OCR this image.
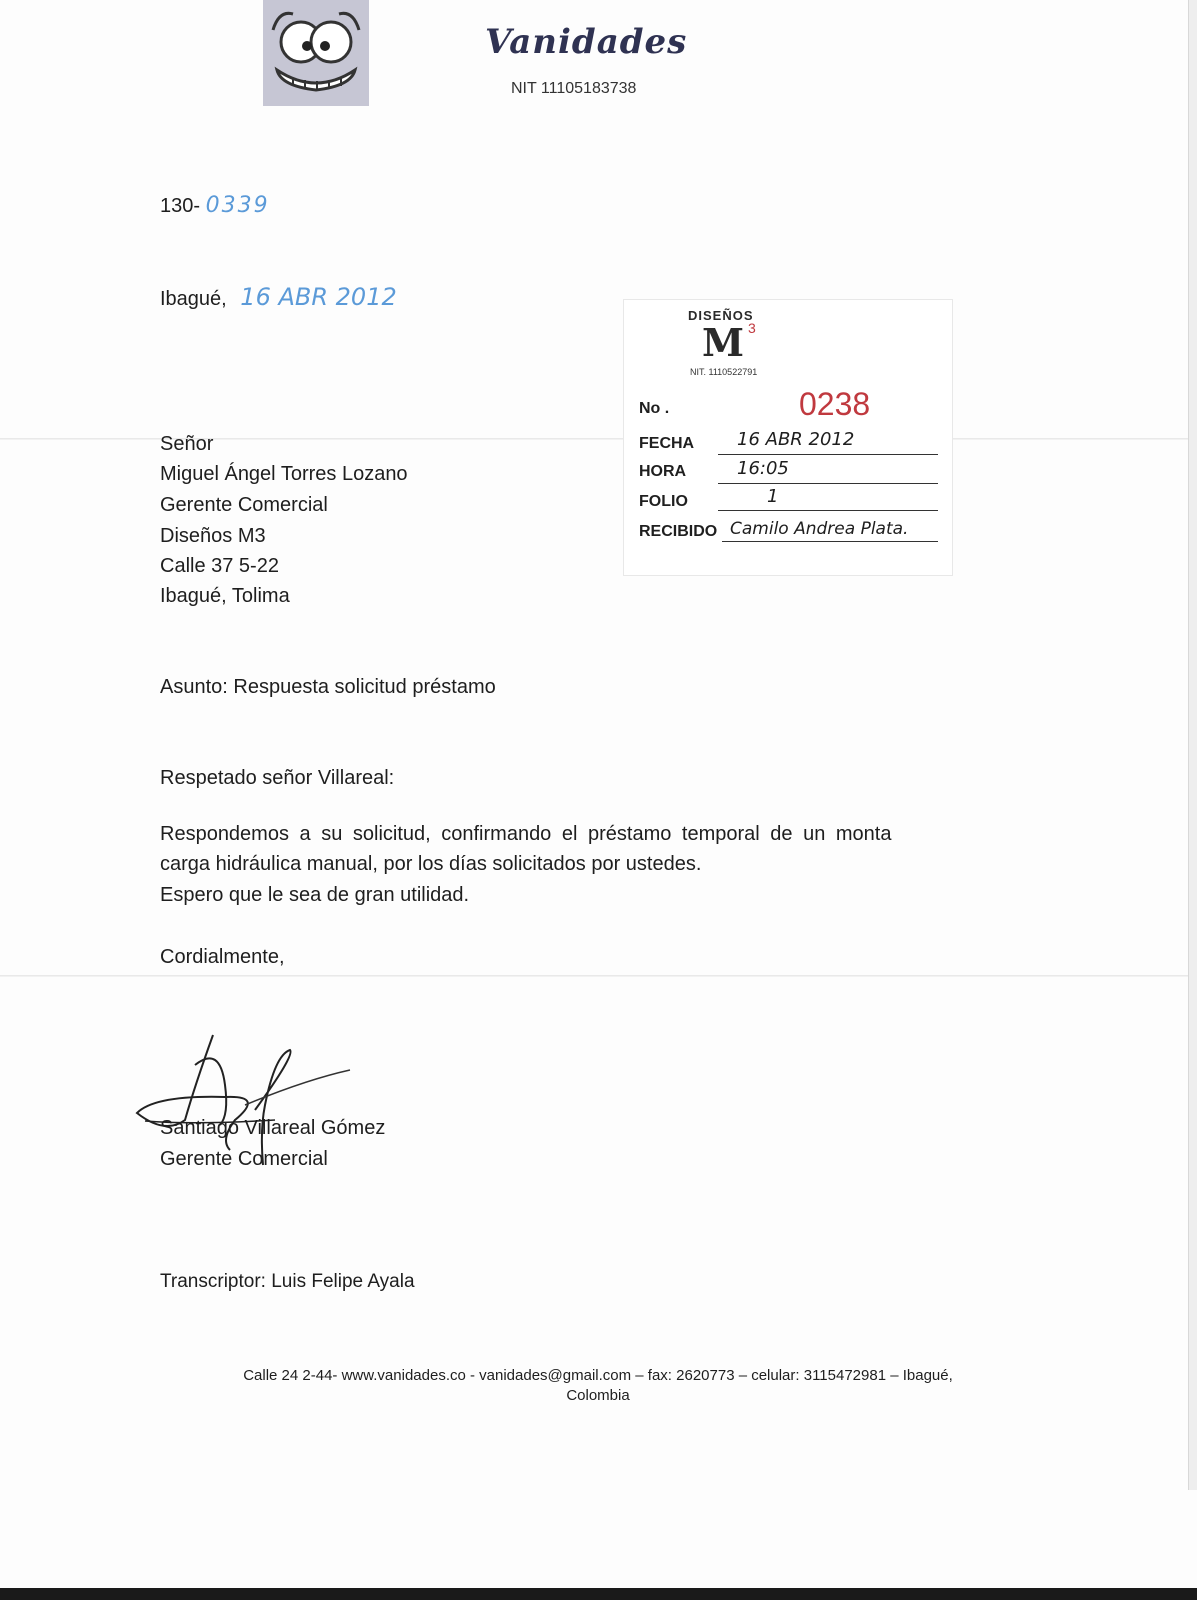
Vanidades
NIT 11105183738
130- 0339
Ibagué, 16 ABR 2012
Señor
Miguel Ángel Torres Lozano
Gerente Comercial
Diseños M3
Calle 37 5-22
Ibagué, Tolima
Asunto: Respuesta solicitud préstamo
Respetado señor Villareal:
Respondemos a su solicitud, confirmando el préstamo temporal de un monta
carga hidráulica manual, por los días solicitados por ustedes.
Espero que le sea de gran utilidad.
Cordialmente,
Santiago Villareal Gómez
Gerente Comercial
Transcriptor: Luis Felipe Ayala
Calle 24 2-44- www.vanidades.co - vanidades@gmail.com – fax: 2620773 – celular: 3115472981 – Ibagué,
Colombia
DISEÑOS
M 3
NIT. 1110522791
No .	0238
FECHA 16 ABR 2012
HORA	16:05
FOLIO	1
RECIBIDO Camilo Andrea Plata.
